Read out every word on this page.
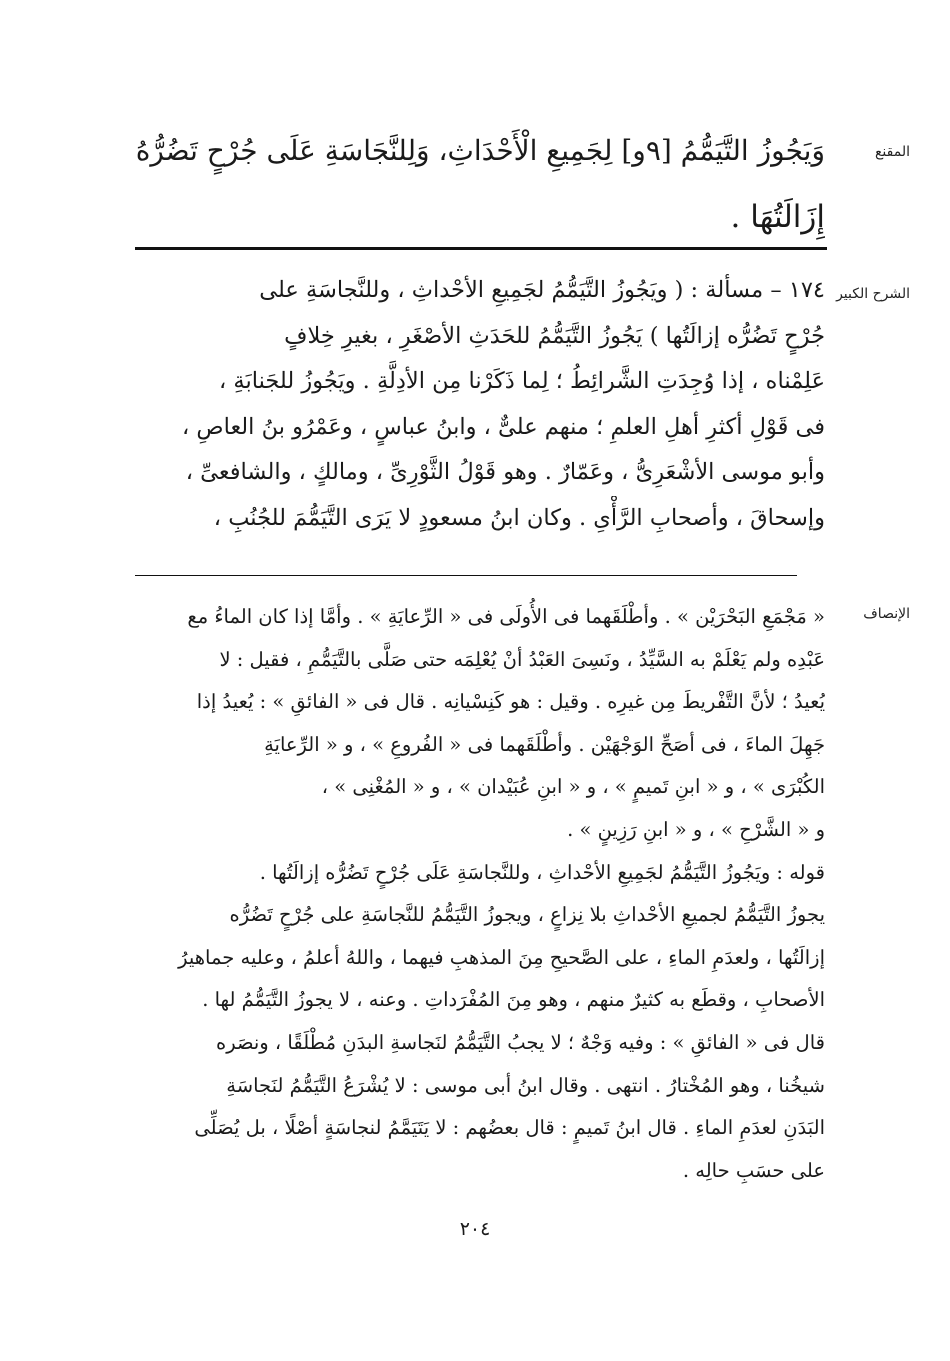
المقنع
وَيَجُوزُ التَّيَمُّمُ [٩و] لِجَمِيعِ الْأَحْدَاثِ، وَلِلنَّجَاسَةِ عَلَى جُرْحٍ تَضُرُّهُ
إِزَالَتُهَا .
الشرح الكبير
١٧٤ – مسألة : ( ويَجُوزُ التَّيَمُّمُ لجَمِيعِ الأحْداثِ ، وللنَّجاسَةِ على
جُرْحٍ تَضُرُّه إزالَتُها ) يَجُوزُ التَّيَمُّمُ للحَدَثِ الأصْغَرِ ، بغيرِ خِلافٍ
عَلِمْناه ، إذا وُجِدَتِ الشَّرائِطُ ؛ لِما ذَكَرْنا مِن الأدِلَّةِ . ويَجُوزُ للجَنابَةِ ،
فى قَوْلِ أكثرِ أهلِ العلمِ ؛ منهم علىٌّ ، وابنُ عباسٍ ، وعَمْرُو بنُ العاصِ ،
وأبو موسى الأشْعَرِىُّ ، وعَمّارٌ . وهو قَوْلُ الثَّوْرِىِّ ، ومالكٍ ، والشافعىِّ ،
وإسحاقَ ، وأصحابِ الرَّأْىِ . وكان ابنُ مسعودٍ لا يَرَى التَّيَمُّمَ للجُنُبِ ،
الإنصاف
« مَجْمَعِ البَحْرَيْن » . وأطْلَقَهما فى الأُولَى فى « الرِّعايَةِ » . وأمَّا إذا كان الماءُ مع
عَبْدِه ولم يَعْلَمْ به السَّيِّدُ ، ونَسِىَ العَبْدُ أنْ يُعْلِمَه حتى صَلَّى بالتَّيَمُّمِ ، فقيل : لا
يُعيدُ ؛ لأنَّ التَّفْريطَ مِن غيرِه . وقيل : هو كَنِسْيانِه . قال فى « الفائقِ » : يُعيدُ إذا
جَهِلَ الماءَ ، فى أصَحِّ الوَجْهَيْن . وأطْلَقَهما فى « الفُروعِ » ، و « الرِّعايَةِ
الكُبْرَى » ، و « ابنِ تَميمٍ » ، و « ابنِ عُبَيْدان » ، و « المُغْنِى » ،
و « الشَّرْحِ » ، و « ابنِ رَزِينٍ » .
قوله : ويَجُوزُ التَّيَمُّمُ لجَمِيعِ الأحْداثِ ، وللنَّجاسَةِ عَلَى جُرْحٍ تَضُرُّه إزالَتُها .
يجوزُ التَّيَمُّمُ لجميعِ الأحْداثِ بلا نِزاعٍ ، ويجوزُ التَّيَمُّمُ للنَّجاسَةِ على جُرْحٍ تَضُرُّه
إزالَتُها ، ولعدَمِ الماءِ ، على الصَّحيحِ مِنَ المذهبِ فيهما ، واللهُ أعلمُ ، وعليه جماهيرُ
الأصحابِ ، وقطَع به كثيرٌ منهم ، وهو مِنَ المُفْرَداتِ . وعنه ، لا يجوزُ التَّيَمُّمُ لها .
قال فى « الفائقِ » : وفيه وَجْهٌ ؛ لا يجبُ التَّيَمُّمُ لنَجاسةِ البدَنِ مُطْلَقًا ، ونصَره
شيخُنا ، وهو المُخْتارُ . انتهى . وقال ابنُ أبى موسى : لا يُشْرَعُ التَّيَمُّمُ لنَجاسَةِ
البَدَنِ لعدَمِ الماءِ . قال ابنُ تَميمٍ : قال بعضُهم : لا يَتَيَمَّمُ لنجاسَةٍ أصْلًا ، بل يُصَلِّى
على حسَبِ حالِه .
٢٠٤
